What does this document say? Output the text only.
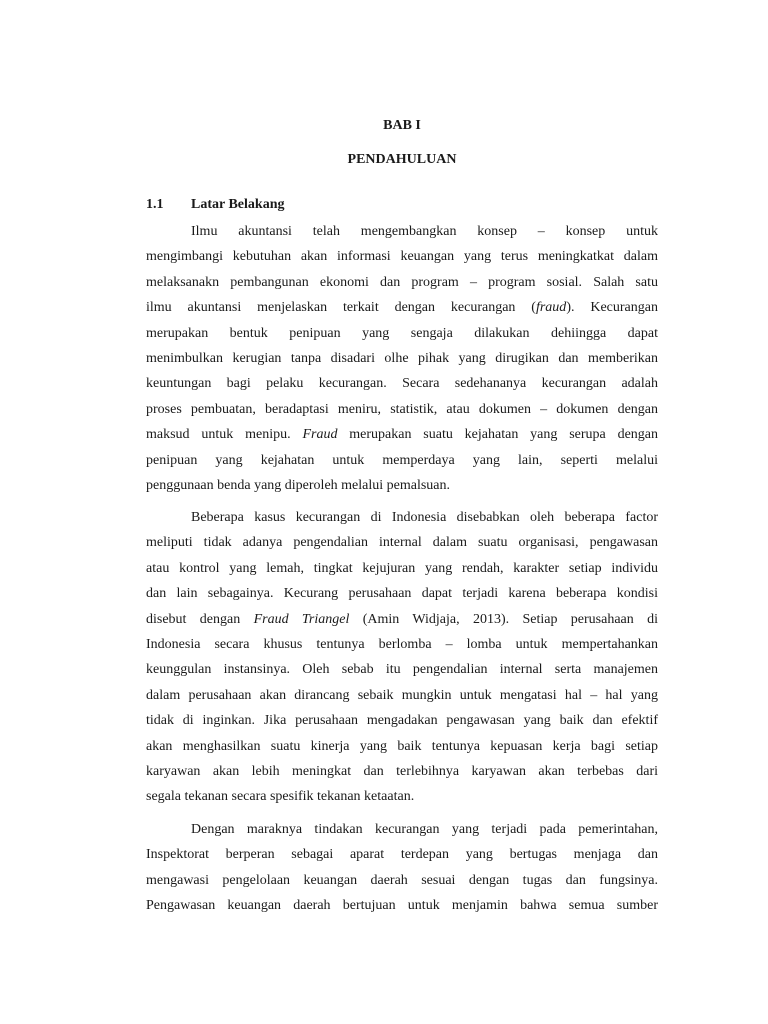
BAB I
PENDAHULUAN
1.1 Latar Belakang
Ilmu akuntansi telah mengembangkan konsep – konsep untuk
mengimbangi kebutuhan akan informasi keuangan yang terus meningkatkat dalam
melaksanakn pembangunan ekonomi dan program – program sosial. Salah satu
ilmu akuntansi menjelaskan terkait dengan kecurangan (fraud). Kecurangan
merupakan bentuk penipuan yang sengaja dilakukan dehiingga dapat
menimbulkan kerugian tanpa disadari olhe pihak yang dirugikan dan memberikan
keuntungan bagi pelaku kecurangan. Secara sedehananya kecurangan adalah
proses pembuatan, beradaptasi meniru, statistik, atau dokumen – dokumen dengan
maksud untuk menipu. Fraud merupakan suatu kejahatan yang serupa dengan
penipuan yang kejahatan untuk memperdaya yang lain, seperti melalui
penggunaan benda yang diperoleh melalui pemalsuan.
Beberapa kasus kecurangan di Indonesia disebabkan oleh beberapa factor
meliputi tidak adanya pengendalian internal dalam suatu organisasi, pengawasan
atau kontrol yang lemah, tingkat kejujuran yang rendah, karakter setiap individu
dan lain sebagainya. Kecurang perusahaan dapat terjadi karena beberapa kondisi
disebut dengan Fraud Triangel (Amin Widjaja, 2013). Setiap perusahaan di
Indonesia secara khusus tentunya berlomba – lomba untuk mempertahankan
keunggulan instansinya. Oleh sebab itu pengendalian internal serta manajemen
dalam perusahaan akan dirancang sebaik mungkin untuk mengatasi hal – hal yang
tidak di inginkan. Jika perusahaan mengadakan pengawasan yang baik dan efektif
akan menghasilkan suatu kinerja yang baik tentunya kepuasan kerja bagi setiap
karyawan akan lebih meningkat dan terlebihnya karyawan akan terbebas dari
segala tekanan secara spesifik tekanan ketaatan.
Dengan maraknya tindakan kecurangan yang terjadi pada pemerintahan,
Inspektorat berperan sebagai aparat terdepan yang bertugas menjaga dan
mengawasi pengelolaan keuangan daerah sesuai dengan tugas dan fungsinya.
Pengawasan keuangan daerah bertujuan untuk menjamin bahwa semua sumber
